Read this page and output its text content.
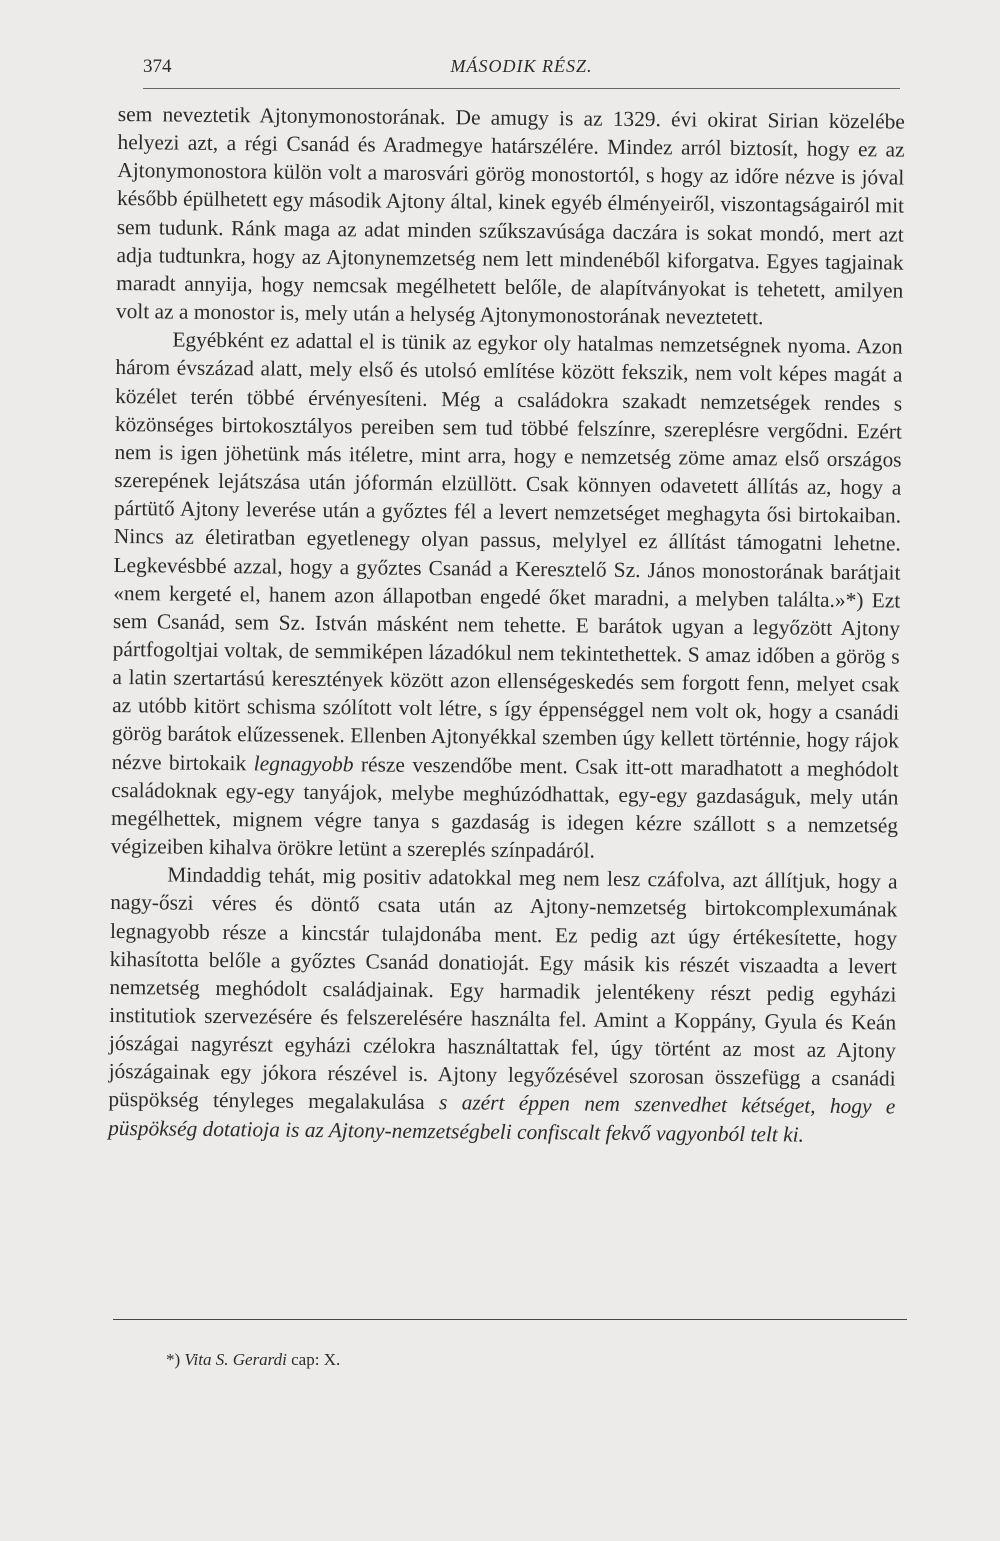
374	MÁSODIK RÉSZ.

sem neveztetik Ajtonymonostorának. De amugy is az 1329. évi okirat Sirian közelébe helyezi azt, a régi Csanád és Aradmegye határszélére. Mindez arról biztosít, hogy ez az Ajtonymonostora külön volt a marosvári görög monostortól, s hogy az időre nézve is jóval később épülhetett egy második Ajtony által, kinek egyéb élményeiről, viszontagságairól mit sem tudunk. Ránk maga az adat minden szűkszavúsága daczára is sokat mondó, mert azt adja tudtunkra, hogy az Ajtonynemzetség nem lett mindenéből kiforgatva. Egyes tagjainak maradt annyija, hogy nemcsak megélhetett belőle, de alapítványokat is tehetett, amilyen volt az a monostor is, mely után a helység Ajtonymonostorának neveztetett.

Egyébként ez adattal el is tünik az egykor oly hatalmas nemzetségnek nyoma. Azon három évszázad alatt, mely első és utolsó említése között fekszik, nem volt képes magát a közélet terén többé érvényesíteni. Még a családokra szakadt nemzetségek rendes s közönséges birtokosztályos pereiben sem tud többé felszínre, szereplésre vergődni. Ezért nem is igen jöhetünk más itéletre, mint arra, hogy e nemzetség zöme amaz első országos szerepének lejátszása után jóformán elzüllött. Csak könnyen odavetett állítás az, hogy a pártütő Ajtony leverése után a győztes fél a levert nemzetséget meghagyta ősi birtokaiban. Nincs az életiratban egyetlenegy olyan passus, melylyel ez állítást támogatni lehetne. Legkevésbbé azzal, hogy a győztes Csanád a Keresztelő Sz. János monostorának barátjait «nem kergeté el, hanem azon állapotban engedé őket maradni, a melyben találta.»*) Ezt sem Csanád, sem Sz. István másként nem tehette. E barátok ugyan a legyőzött Ajtony pártfogoltjai voltak, de semmiképen lázadókul nem tekintethettek. S amaz időben a görög s a latin szertartású keresztények között azon ellenségeskedés sem forgott fenn, melyet csak az utóbb kitört schisma szólított volt létre, s így éppenséggel nem volt ok, hogy a csanádi görög barátok elűzessenek. Ellenben Ajtonyékkal szemben úgy kellett történnie, hogy rájok nézve birtokaik legnagyobb része veszendőbe ment. Csak itt-ott maradhatott a meghódolt családoknak egy-egy tanyájok, melybe meghúzódhattak, egy-egy gazdaságuk, mely után megélhettek, mignem végre tanya s gazdaság is idegen kézre szállott s a nemzetség végizeiben kihalva örökre letünt a szereplés színpadáról.

Mindaddig tehát, mig positiv adatokkal meg nem lesz czáfolva, azt állítjuk, hogy a nagy-őszi véres és döntő csata után az Ajtony-nemzetség birtokcomplexumának legnagyobb része a kincstár tulajdonába ment. Ez pedig azt úgy értékesítette, hogy kihasította belőle a győztes Csanád donatioját. Egy másik kis részét viszaadta a levert nemzetség meghódolt családjainak. Egy harmadik jelentékeny részt pedig egyházi institutiok szervezésére és felszerelésére használta fel. Amint a Koppány, Gyula és Keán jószágai nagyrészt egyházi czélokra használtattak fel, úgy történt az most az Ajtony jószágainak egy jókora részével is. Ajtony legyőzésével szorosan összefügg a csanádi püspökség tényleges megalakulása s azért éppen nem szenvedhet kétséget, hogy e püspökség dotatioja is az Ajtony-nemzetségbeli confiscalt fekvő vagyonból telt ki.

*) Vita S. Gerardi cap: X.
